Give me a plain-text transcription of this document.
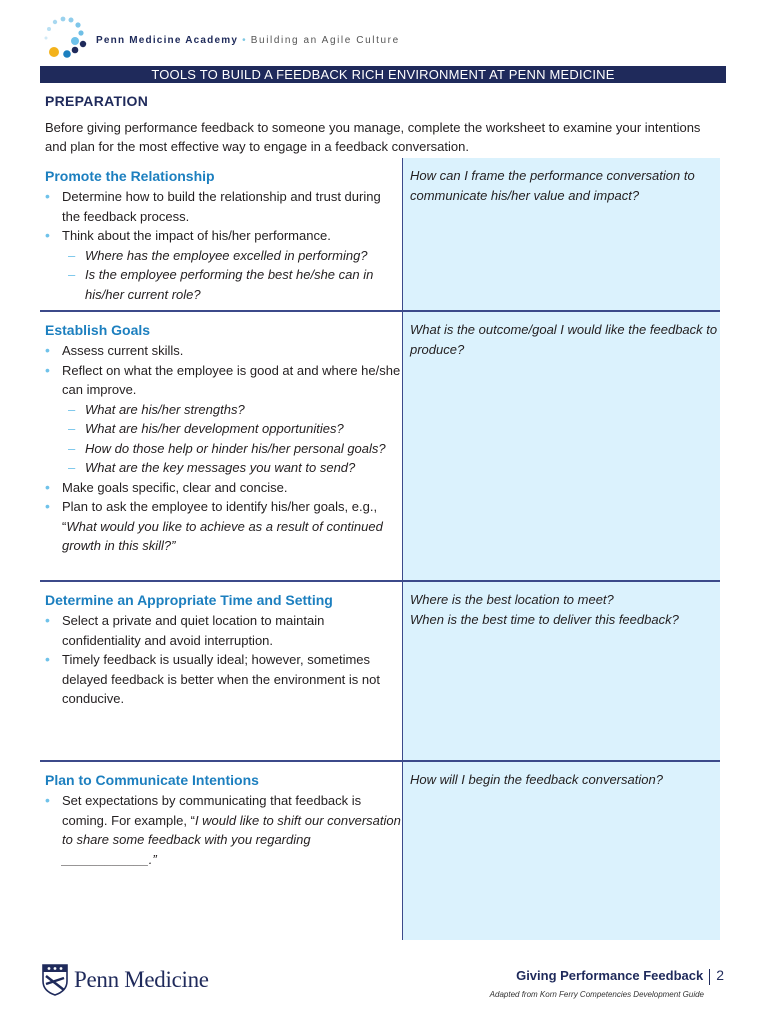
Penn Medicine Academy • Building an Agile Culture
TOOLS TO BUILD A FEEDBACK RICH ENVIRONMENT AT PENN MEDICINE
PREPARATION
Before giving performance feedback to someone you manage, complete the worksheet to examine your intentions and plan for the most effective way to engage in a feedback conversation.
Promote the Relationship
• Determine how to build the relationship and trust during the feedback process.
• Think about the impact of his/her performance.
– Where has the employee excelled in performing?
– Is the employee performing the best he/she can in his/her current role?
How can I frame the performance conversation to communicate his/her value and impact?
Establish Goals
• Assess current skills.
• Reflect on what the employee is good at and where he/she can improve.
– What are his/her strengths?
– What are his/her development opportunities?
– How do those help or hinder his/her personal goals?
– What are the key messages you want to send?
• Make goals specific, clear and concise.
• Plan to ask the employee to identify his/her goals, e.g., “What would you like to achieve as a result of continued growth in this skill?”
What is the outcome/goal I would like the feedback to produce?
Determine an Appropriate Time and Setting
• Select a private and quiet location to maintain confidentiality and avoid interruption.
• Timely feedback is usually ideal; however, sometimes delayed feedback is better when the environment is not conducive.
Where is the best location to meet?
When is the best time to deliver this feedback?
Plan to Communicate Intentions
• Set expectations by communicating that feedback is coming. For example, “I would like to shift our conversation to share some feedback with you regarding ____________.”
How will I begin the feedback conversation?
Penn Medicine	Giving Performance Feedback 2
Adapted from Korn Ferry Competencies Development Guide
